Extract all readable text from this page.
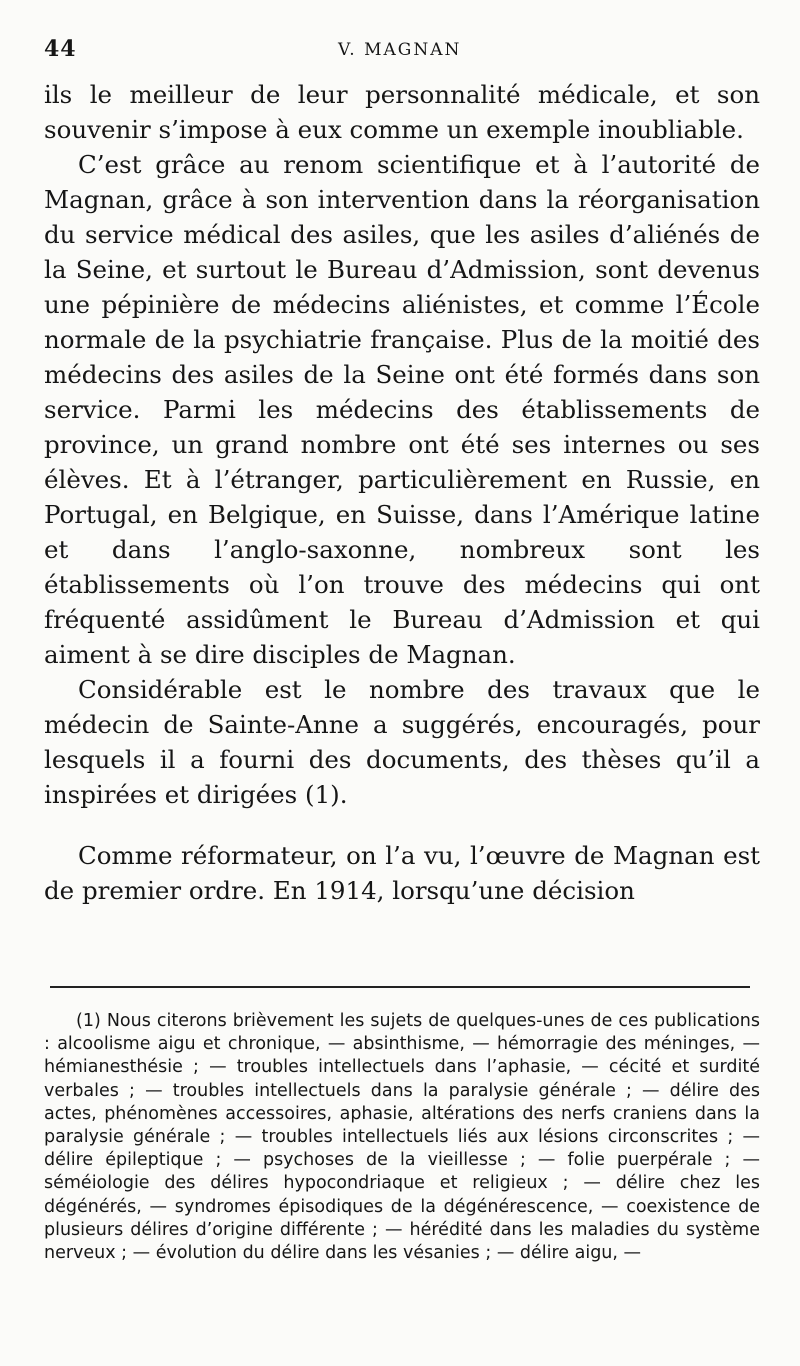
44	V. MAGNAN

ils le meilleur de leur personnalité médicale, et son souvenir s’impose à eux comme un exemple inoubliable.

C’est grâce au renom scientifique et à l’autorité de Magnan, grâce à son intervention dans la réorganisation du service médical des asiles, que les asiles d’aliénés de la Seine, et surtout le Bureau d’Admission, sont devenus une pépinière de médecins aliénistes, et comme l’École normale de la psychiatrie française. Plus de la moitié des médecins des asiles de la Seine ont été formés dans son service. Parmi les médecins des établissements de province, un grand nombre ont été ses internes ou ses élèves. Et à l’étranger, particulièrement en Russie, en Portugal, en Belgique, en Suisse, dans l’Amérique latine et dans l’anglo-saxonne, nombreux sont les établissements où l’on trouve des médecins qui ont fréquenté assidûment le Bureau d’Admission et qui aiment à se dire disciples de Magnan.

Considérable est le nombre des travaux que le médecin de Sainte-Anne a suggérés, encouragés, pour lesquels il a fourni des documents, des thèses qu’il a inspirées et dirigées (1).

Comme réformateur, on l’a vu, l’œuvre de Magnan est de premier ordre. En 1914, lorsqu’une décision

(1) Nous citerons brièvement les sujets de quelques-unes de ces publications : alcoolisme aigu et chronique, — absinthisme, — hémorragie des méninges, — hémianesthésie ; — troubles intellectuels dans l’aphasie, — cécité et surdité verbales ; — troubles intellectuels dans la paralysie générale ; — délire des actes, phénomènes accessoires, aphasie, altérations des nerfs craniens dans la paralysie générale ; — troubles intellectuels liés aux lésions circonscrites ; — délire épileptique ; — psychoses de la vieillesse ; — folie puerpérale ; — séméiologie des délires hypocondriaque et religieux ; — délire chez les dégénérés, — syndromes épisodiques de la dégénérescence, — coexistence de plusieurs délires d’origine différente ; — hérédité dans les maladies du système nerveux ; — évolution du délire dans les vésanies ; — délire aigu, —
